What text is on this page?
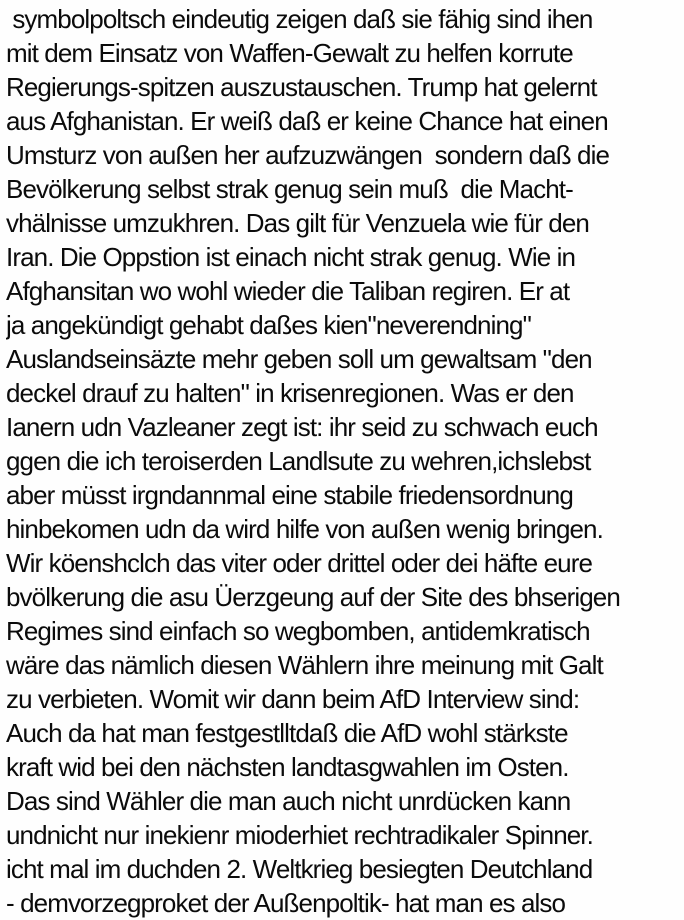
symbolpoltsch eindeutig zeigen daß sie fähig sind ihen
mit dem Einsatz von Waffen-Gewalt zu helfen korrute
Regierungs-spitzen auszustauschen. Trump hat gelernt
aus Afghanistan. Er weiß daß er keine Chance hat einen
Umsturz von außen her aufzuzwängen  sondern daß die
Bevölkerung selbst strak genug sein muß  die Macht-
vhälnisse umzukhren. Das gilt für Venzuela wie für den
Iran. Die Oppstion ist einach nicht strak genug. Wie in
Afghansitan wo wohl wieder die Taliban regiren. Er at
ja angekündigt gehabt daßes kien"neverendning"
Auslandseinsäzte mehr geben soll um gewaltsam "den
deckel drauf zu halten" in krisenregionen. Was er den
Ianern udn Vazleaner zegt ist: ihr seid zu schwach euch
ggen die ich teroiserden Landlsute zu wehren,ichslebst
aber müsst irgndannmal eine stabile friedensordnung
hinbekomen udn da wird hilfe von außen wenig bringen.
Wir köenshclch das viter oder drittel oder dei häfte eure
bvölkerung die asu Üerzgeung auf der Site des bhserigen
Regimes sind einfach so wegbomben, antidemkratisch
wäre das nämlich diesen Wählern ihre meinung mit Galt
zu verbieten. Womit wir dann beim AfD Interview sind:
Auch da hat man festgestlltdaß die AfD wohl stärkste
kraft wid bei den nächsten landtasgwahlen im Osten.
Das sind Wähler die man auch nicht unrdücken kann
undnicht nur inekienr mioderhiet rechtradikaler Spinner.
icht mal im duchden 2. Weltkrieg besiegten Deutchland
- demvorzegproket der Außenpoltik- hat man es also
